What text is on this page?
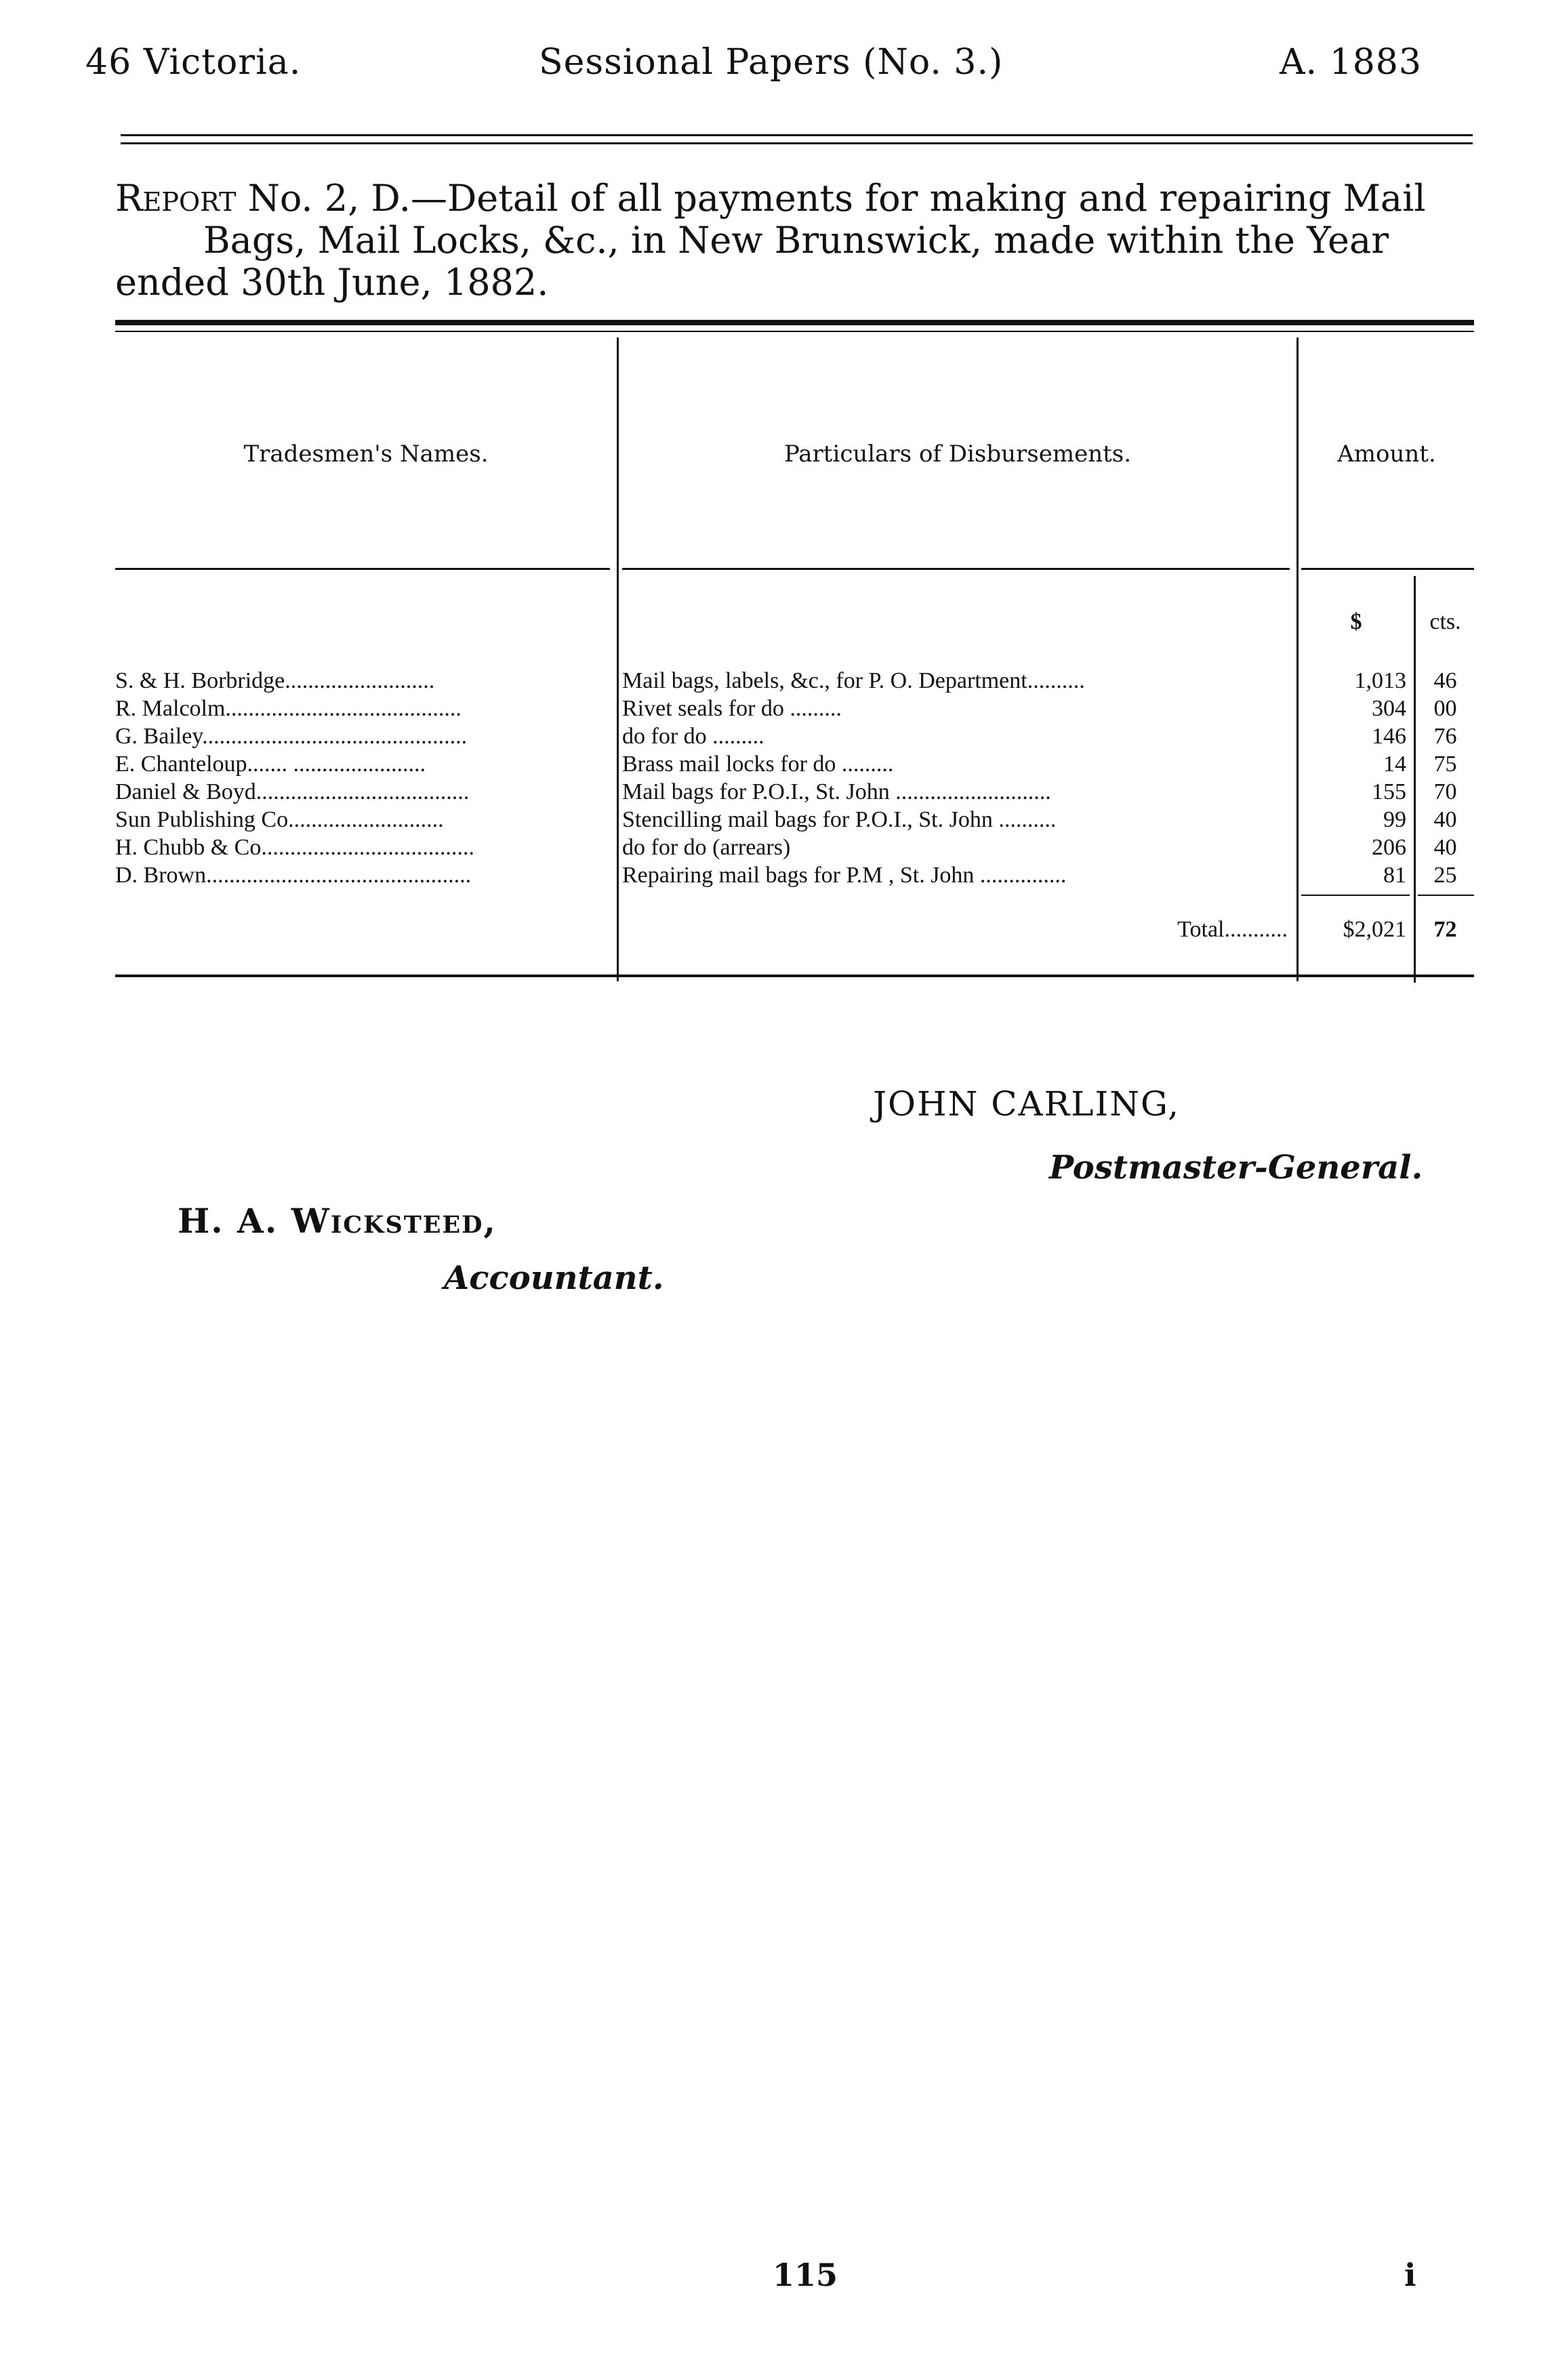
46 Victoria.	Sessional Papers (No. 3.)	A. 1883
Report No. 2, D.—Detail of all payments for making and repairing Mail
Bags, Mail Locks, &c., in New Brunswick, made within the Year
ended 30th June, 1882.
Tradesmen's Names.	Particulars of Disbursements.	Amount.
$	cts.
S. & H. Borbridge..........................	Mail bags, labels, &c., for P. O. Department..........	1,013	46
R. Malcolm.........................................	Rivet seals for do .........	304	00
G. Bailey..............................................	do for do .........	146	76
E. Chanteloup....... .......................	Brass mail locks for do .........	14	75
Daniel & Boyd.....................................	Mail bags for P.O.I., St. John ...........................	155	70
Sun Publishing Co...........................	Stencilling mail bags for P.O.I., St. John ..........	99	40
H. Chubb & Co.....................................	do for do (arrears)	206	40
D. Brown..............................................	Repairing mail bags for P.M , St. John ...............	81	25
Total...........	$2,021	72
JOHN CARLING,
Postmaster-General.
H. A. Wicksteed,
Accountant.
115	i
